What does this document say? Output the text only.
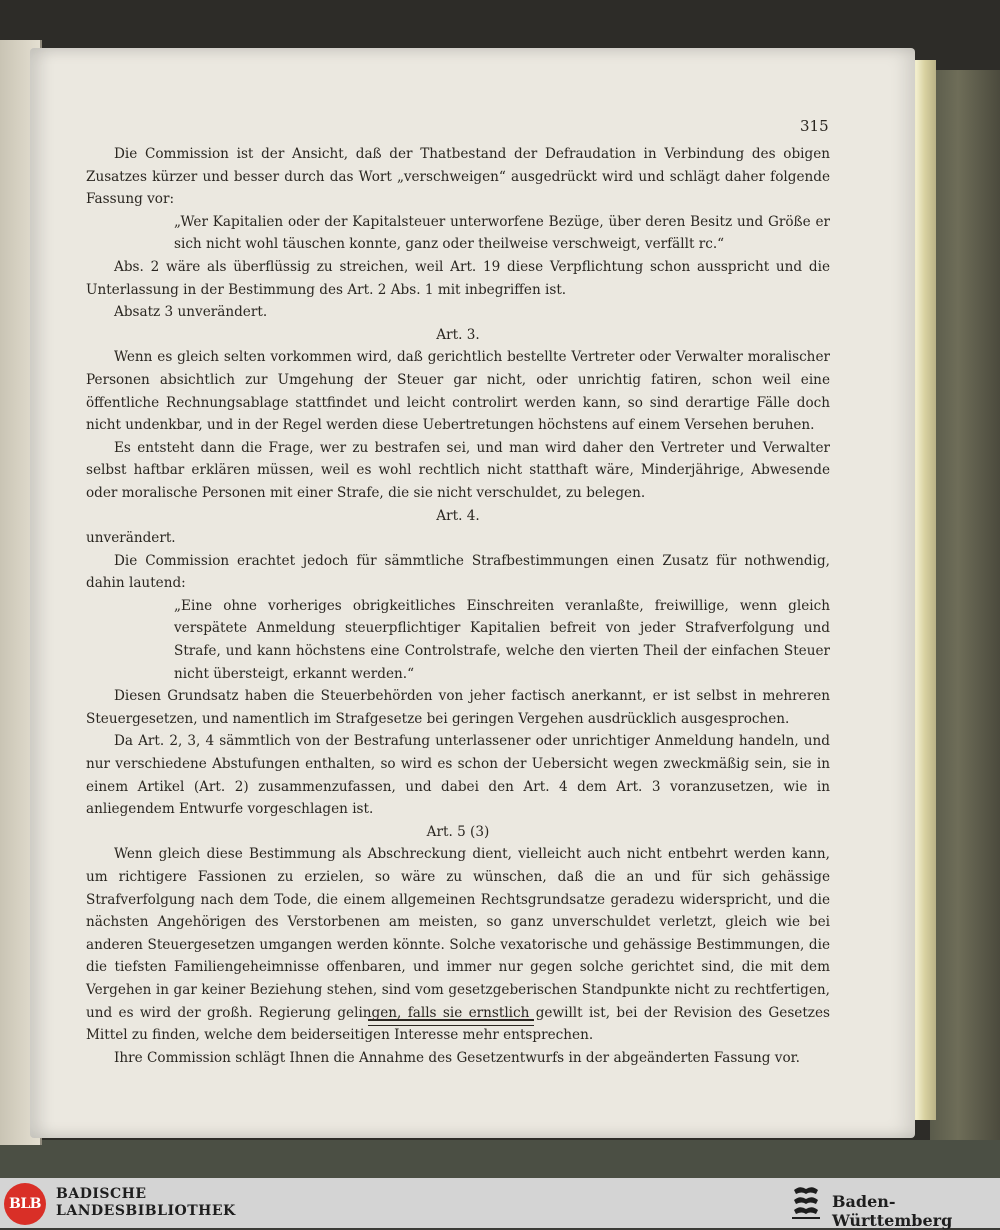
315

Die Commission ist der Ansicht, daß der Thatbestand der Defraudation in Verbindung des obigen Zusatzes kürzer und besser durch das Wort „verschweigen“ ausgedrückt wird und schlägt daher folgende Fassung vor:

„Wer Kapitalien oder der Kapitalsteuer unterworfene Bezüge, über deren Besitz und Größe er sich nicht wohl täuschen konnte, ganz oder theilweise verschweigt, verfällt rc.“

Abs. 2 wäre als überflüssig zu streichen, weil Art. 19 diese Verpflichtung schon ausspricht und die Unterlassung in der Bestimmung des Art. 2 Abs. 1 mit inbegriffen ist.

Absatz 3 unverändert.

Art. 3.

Wenn es gleich selten vorkommen wird, daß gerichtlich bestellte Vertreter oder Verwalter moralischer Personen absichtlich zur Umgehung der Steuer gar nicht, oder unrichtig fatiren, schon weil eine öffentliche Rechnungsablage stattfindet und leicht controlirt werden kann, so sind derartige Fälle doch nicht undenkbar, und in der Regel werden diese Uebertretungen höchstens auf einem Versehen beruhen.

Es entsteht dann die Frage, wer zu bestrafen sei, und man wird daher den Vertreter und Verwalter selbst haftbar erklären müssen, weil es wohl rechtlich nicht statthaft wäre, Minderjährige, Abwesende oder moralische Personen mit einer Strafe, die sie nicht verschuldet, zu belegen.

Art. 4.

unverändert.

Die Commission erachtet jedoch für sämmtliche Strafbestimmungen einen Zusatz für nothwendig, dahin lautend:

„Eine ohne vorheriges obrigkeitliches Einschreiten veranlaßte, freiwillige, wenn gleich verspätete Anmeldung steuerpflichtiger Kapitalien befreit von jeder Strafverfolgung und Strafe, und kann höchstens eine Controlstrafe, welche den vierten Theil der einfachen Steuer nicht übersteigt, erkannt werden.“

Diesen Grundsatz haben die Steuerbehörden von jeher factisch anerkannt, er ist selbst in mehreren Steuergesetzen, und namentlich im Strafgesetze bei geringen Vergehen ausdrücklich ausgesprochen.

Da Art. 2, 3, 4 sämmtlich von der Bestrafung unterlassener oder unrichtiger Anmeldung handeln, und nur verschiedene Abstufungen enthalten, so wird es schon der Uebersicht wegen zweckmäßig sein, sie in einem Artikel (Art. 2) zusammenzufassen, und dabei den Art. 4 dem Art. 3 voranzusetzen, wie in anliegendem Entwurfe vorgeschlagen ist.

Art. 5 (3)

Wenn gleich diese Bestimmung als Abschreckung dient, vielleicht auch nicht entbehrt werden kann, um richtigere Fassionen zu erzielen, so wäre zu wünschen, daß die an und für sich gehässige Strafverfolgung nach dem Tode, die einem allgemeinen Rechtsgrundsatze geradezu widerspricht, und die nächsten Angehörigen des Verstorbenen am meisten, so ganz unverschuldet verletzt, gleich wie bei anderen Steuergesetzen umgangen werden könnte. Solche vexatorische und gehässige Bestimmungen, die die tiefsten Familiengeheimnisse offenbaren, und immer nur gegen solche gerichtet sind, die mit dem Vergehen in gar keiner Beziehung stehen, sind vom gesetzgeberischen Standpunkte nicht zu rechtfertigen, und es wird der großh. Regierung gelingen, falls sie ernstlich gewillt ist, bei der Revision des Gesetzes Mittel zu finden, welche dem beiderseitigen Interesse mehr entsprechen.

Ihre Commission schlägt Ihnen die Annahme des Gesetzentwurfs in der abgeänderten Fassung vor.

BLB
BADISCHE
LANDESBIBLIOTHEK	Baden-Württemberg
